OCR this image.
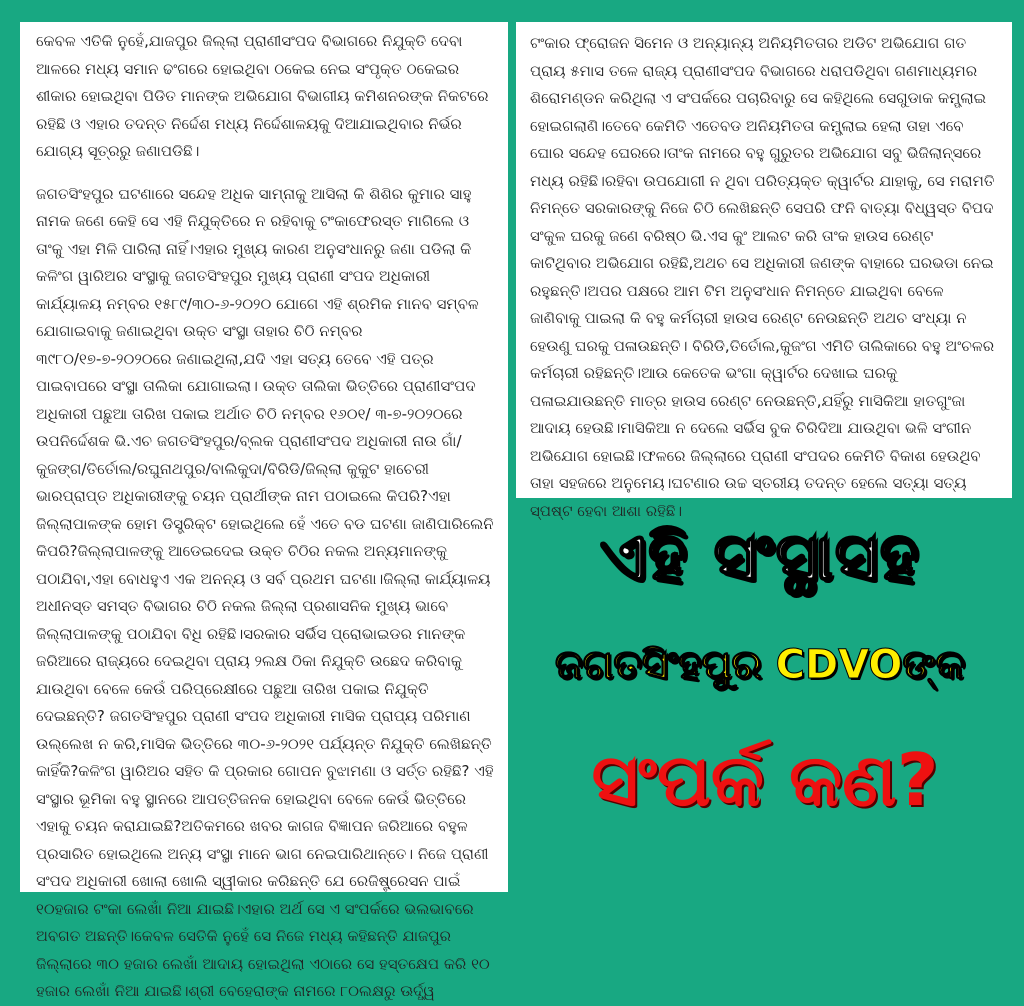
କେବଳ ଏତିକି ନୁହେଁ,ଯାଜପୁର ଜିଲ୍ଲା ପ୍ରାଣୀସଂପଦ ବିଭାଗରେ ନିଯୁକ୍ତି ଦେବା ଆଳରେ ମଧ୍ୟ ସମାନ ଢଂଗରେ ହୋଇଥିବା ଠକେଇ ନେଇ ସଂପୃକ୍ତ ଠକେଇର ଶୀକାର ହୋଇଥିବା ପିଡିତ ମାନଙ୍କ ଅଭିଯୋଗ ବିଭାଗୀୟ କମିଶନରଙ୍କ ନିକଟରେ ରହିଛି ଓ ଏହାର ତଦନ୍ତ ନିର୍ଦ୍ଦେଶ ମଧ୍ୟ ନିର୍ଦ୍ଦେଶାଳୟକୁ ଦିଆଯାଇଥିବାର ନିର୍ଭର ଯୋଗ୍ୟ ସୂତ୍ରରୁ ଜଣାପଡିଛି।

ଜଗତସିଂହପୁର ଘଟଣାରେ ସନ୍ଦେହ ଅଧିକ ସାମ୍ନାକୁ ଆସିଲା କି ଶିଶିର କୁମାର ସାହୁ ନାମକ ଜଣେ କେହି ସେ ଏହି ନିଯୁକ୍ତିରେ ନ ରହିବାକୁ ଟଂକାଫେରସ୍ତ ମାଗିଲେ ଓ ତାଂକୁ ଏହା ମିଳି ପାରିଲା ନାହିଁ।ଏହାର ମୁଖ୍ୟ କାରଣ ଅନୁସଂଧାନରୁ ଜଣା ପଡିଲା କି କଳିଂଗ ୱାରିଅର ସଂସ୍ଥାକୁ ଜଗତସିଂହପୁର ମୁଖ୍ୟ ପ୍ରାଣୀ ସଂପଦ ଅଧିକାରୀ କାର୍ଯ୍ୟାଳୟ ନମ୍ବର ୧୫୮୯/୩୦-୬-୨୦୨୦ ଯୋଗେ ଏହି ଶ୍ରମିକ ମାନବ ସମ୍ବଳ ଯୋଗାଇବାକୁ ଜଣାଇଥିବା ଉକ୍ତ ସଂସ୍ଥା ତାହାର ଚିଠି ନମ୍ବର ୩୯୮୦/୧୭-୭-୨୦୨୦ରେ ଜଣାଇଥିଲା,ଯଦି ଏହା ସତ୍ୟ ତେବେ ଏହି ପତ୍ର ପାଇବାପରେ ସଂସ୍ଥା ତାଲିକା ଯୋଗାଇଲା। ଉକ୍ତ ତାଲିକା ଭିତ୍ତିରେ ପ୍ରାଣୀସଂପଦ ଅଧିକାରୀ ପଛୁଆ ତାରିଖ ପକାଇ ଅର୍ଥାତ ଚିଠି ନମ୍ବର ୧୬୦୧/ ୩-୭-୨୦୨୦ରେ ଉପନିର୍ଦ୍ଦେଶକ ଭି.ଏଚ ଜଗତସିଂହପୁର/ବ୍ଲକ ପ୍ରାଣୀସଂପଦ ଅଧିକାରୀ ନାଉ ଗାଁ/ କୁଜଙ୍ଗ/ତିର୍ତୋଲ/ରଘୁନାଥପୁର/ବାଲିକୁଦା/ବିରିଡି/ଜିଲ୍ଲା କୁକୁଟ ହାଚେରୀ ଭାରପ୍ରାପ୍ତ ଅଧିକାରୀଙ୍କୁ ଚୟନ ପ୍ରାର୍ଥୀଙ୍କ ନାମ ପଠାଇଲେ କିପରି?ଏହା ଜିଲ୍ଲାପାଳଙ୍କ ହୋମ ଡିସ୍ତ୍ରିକ୍ଟ ହୋଇଥିଲେ ହେଁ ଏତେ ବଡ ଘଟଣା ଜାଣିପାରିଲେନି କିପରି?ଜିଲ୍ଲାପାଳଙ୍କୁ ଆଡେଇଦେଇ ଉକ୍ତ ଚିଠିର ନକଲ ଅନ୍ୟମାନଙ୍କୁ ପଠାଯିବା,ଏହା ବୋଧହୁଏ ଏକ ଅନନ୍ୟ ଓ ସର୍ବ ପ୍ରଥମ ଘଟଣା।ଜିଲ୍ଲା କାର୍ଯ୍ୟାଳୟ ଅଧୀନସ୍ତ ସମସ୍ତ ବିଭାଗର ଚିଠି ନକଲ ଜିଲ୍ଲା ପ୍ରଶାସନିକ ମୁଖ୍ୟ ଭାବେ ଜିଲ୍ଲାପାଳଙ୍କୁ ପଠାଯିବା ବିଧି ରହିଛି।ସରକାର ସର୍ଭିସ ପ୍ରୋଭାଇଡର ମାନଙ୍କ ଜରିଆରେ ରାଜ୍ୟରେ ଦେଇଥିବା ପ୍ରାୟ ୨ଲକ୍ଷ ଠିକା ନିଯୁକ୍ତି ଉଛେଦ କରିବାକୁ ଯାଉଥିବା ବେଳେ କେଉଁ ପରିପ୍ରେକ୍ଷୀରେ ପଛୁଆ ତାରିଖ ପକାଇ ନିଯୁକ୍ତି ଦେଇଛନ୍ତି? ଜଗତସିଂହପୁର ପ୍ରାଣୀ ସଂପଦ ଅଧିକାରୀ ମାସିକ ପ୍ରାପ୍ୟ ପରିମାଣ ଉଲ୍ଲେଖ ନ କରି,ମାସିକ ଭିତ୍ତିରେ ୩୦-୬-୨୦୨୧ ପର୍ଯ୍ୟନ୍ତ ନିଯୁକ୍ତି ଲେଖିଛନ୍ତି କାହିଁକି?କଳିଂଗ ୱାରିଅର ସହିତ କି ପ୍ରକାର ଗୋପନ ବୁଝାମଣା ଓ ସର୍ତ୍ତ ରହିଛି? ଏହି ସଂସ୍ଥାର ଭୂମିକା ବହୁ ସ୍ଥାନରେ ଆପତ୍ତିଜନକ ହୋଇଥିବା ବେଳେ କେଉଁ ଭିତ୍ତିରେ ଏହାକୁ ଚୟନ କରାଯାଇଛି?ଅତିକମରେ ଖବର କାଗଜ ବିଜ୍ଞାପନ ଜରିଆରେ ବହୁଳ ପ୍ରସାରିତ ହୋଇଥିଲେ ଅନ୍ୟ ସଂସ୍ଥା ମାନେ ଭାଗ ନେଇପାରିଥାନ୍ତେ। ନିଜେ ପ୍ରାଣୀ ସଂପଦ ଅଧିକାରୀ ଖୋଲା ଖୋଲି ସ୍ୱୀକାର କରିଛନ୍ତି ଯେ ରେଜିଷ୍ଟ୍ରେସନ ପାଇଁ ୧୦ହଜାର ଟଂକା ଲେଖାଁ ନିଆ ଯାଇଛି।ଏହାର ଅର୍ଥ ସେ ଏ ସଂପର୍କରେ ଭଲଭାବରେ ଅବଗତ ଅଛନ୍ତି।କେବଳ ସେତିକି ନୁହେଁ ସେ ନିଜେ ମଧ୍ୟ କହିଛନ୍ତି ଯାଜପୁର ଜିଲ୍ଲାରେ ୩୦ ହଜାର ଲେଖାଁ ଆଦାୟ ହୋଇଥିଲା ଏଠାରେ ସେ ହସ୍ତକ୍ଷେପ କରି ୧୦ ହଜାର ଲେଖାଁ ନିଆ ଯାଇଛି।ଶ୍ରୀ ବେହେରାଙ୍କ ନାମରେ ୮୦ଲକ୍ଷରୁ ଊର୍ଦ୍ଧ୍ୱ

ଟଂକାର ଫ୍ରୋଜନ ସିମେନ ଓ ଅନ୍ୟାନ୍ୟ ଅନିୟମିତତାର ଅଡିଟ ଅଭିଯୋଗ ଗତ ପ୍ରାୟ ୫ମାସ ତଳେ ରାଜ୍ୟ ପ୍ରାଣୀସଂପଦ ବିଭାଗରେ ଧରାପଡିଥିବା ଗଣମାଧ୍ୟମର ଶିରୋମଣ୍ଡନ କରିଥିଲା ଏ ସଂପର୍କରେ ପଚାରିବାରୁ ସେ କହିଥିଲେ ସେଗୁଡାକ କମ୍ପ୍ଲାଇ ହୋଇଗଲାଣି।ତେବେ କେମିତି ଏତେବଡ ଅନିୟମିତତା କମ୍ପ୍ଲାଇ ହେଲା ତାହା ଏବେ ଘୋର ସନ୍ଦେହ ଘେରରେ।ତାଂକ ନାମରେ ବହୁ ଗୁରୁତର ଅଭିଯୋଗ ସବୁ ଭିଜିଲାନ୍ସରେ ମଧ୍ୟ ରହିଛି।ରହିବା ଉପଯୋଗୀ ନ ଥିବା ପରିତ୍ୟକ୍ତ କ୍ୱାର୍ଟର ଯାହାକୁ, ସେ ମରାମତି ନିମନ୍ତେ ସରକାରଙ୍କୁ ନିଜେ ଚିଠି ଲେଖିଛନ୍ତି ସେପରି ଫନି ବାତ୍ୟା ବିଧ୍ୱସ୍ତ ବିପଦ ସଂକୁଳ ଘରକୁ ଜଣେ ବରିଷ୍ଠ ଭି.ଏସ କୁଂ ଆଲଟ କରି ତାଂକ ହାଉସ ରେଣ୍ଟ କାଟିଥିବାର ଅଭିଯୋଗ ରହିଛି,ଅଥଚ ସେ ଅଧିକାରୀ ଜଣଙ୍କ ବାହାରେ ଘରଭଡା ନେଇ ରହୁଛନ୍ତି।ଅପର ପକ୍ଷରେ ଆମ ଟିମ ଅନୁସଂଧାନ ନିମନ୍ତେ ଯାଇଥିବା ବେଳେ ଜାଣିବାକୁ ପାଇଲା କି ବହୁ କର୍ମଚାରୀ ହାଉସ ରେଣ୍ଟ ନେଉଛନ୍ତି ଅଥଚ ସଂଧ୍ୟା ନ ହେଉଣୁ ଘରକୁ ପଳାଉଛନ୍ତି। ବିରିଡି,ତିର୍ତୋଲ,କୁଜଂଗ ଏମିତି ତାଲିକାରେ ବହୁ ଅଂଚଳର କର୍ମଚାରୀ ରହିଛନ୍ତି।ଆଉ କେତେକ ଭଂଗା କ୍ୱାର୍ଟର ଦେଖାଇ ଘରକୁ ପଳାଇଯାଉଛନ୍ତି ମାତ୍ର ହାଉସ ରେଣ୍ଟ ନେଉଛନ୍ତି,ଯହିଁରୁ ମାସିକିଆ ହାତଗୁଂଜା ଆଦାୟ ହେଉଛି।ମାସିକିଆ ନ ଦେଲେ ସର୍ଭିସ ବୁକ ଚିରିଦିଆ ଯାଉଥିବା ଭଳି ସଂଗୀନ ଅଭିଯୋଗ ହୋଇଛି।ଫଳରେ ଜିଲ୍ଲାରେ ପ୍ରାଣୀ ସଂପଦର କେମିତି ବିକାଶ ହେଉଥିବ ତାହା ସହଜରେ ଅନୁମେୟ।ଘଟଣାର ଉଚ୍ଚ ସ୍ତରୀୟ ତଦନ୍ତ ହେଲେ ସତ୍ୟା ସତ୍ୟ ସ୍ପଷ୍ଟ ହେବା ଆଶା ରହିଛି।

ଏହି ସଂସ୍ଥାସହ
ଜଗତସିଂହପୁର CDVOଙ୍କ
ସଂପର୍କ କଣ?
